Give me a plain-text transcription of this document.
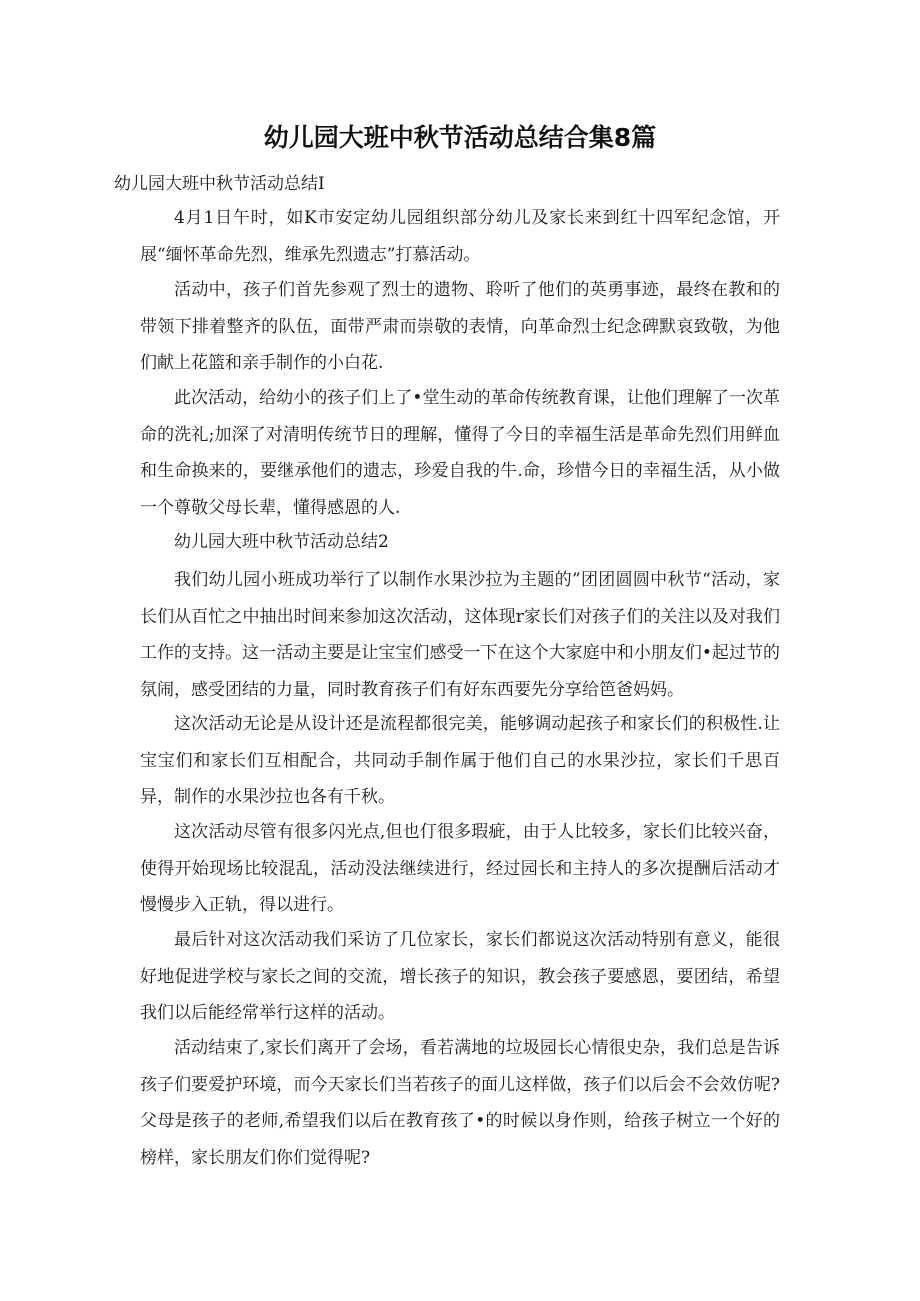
幼儿园大班中秋节活动总结合集8篇
幼儿园大班中秋节活动总结I

4月1日午时，如K市安定幼儿园组织部分幼儿及家长来到红十四军纪念馆，开展“缅怀革命先烈，维承先烈遗志”打慕活动。

活动中，孩子们首先参观了烈士的遗物、聆听了他们的英勇事迹，最终在教和的带领下排着整齐的队伍，面带严肃而崇敬的表情，向革命烈士纪念碑默哀致敬，为他们献上花篮和亲手制作的小白花.

此次活动，给幼小的孩子们上了•堂生动的革命传统教育课，让他们理解了一次革命的洗礼;加深了对清明传统节日的理解，懂得了今日的幸福生活是革命先烈们用鲜血和生命换来的，要继承他们的遗志，珍爱自我的牛.命，珍惜今日的幸福生活，从小做一个尊敬父母长辈，懂得感恩的人.

幼儿园大班中秋节活动总结2

我们幼儿园小班成功举行了以制作水果沙拉为主题的”团团圆圆中秋节“活动，家长们从百忙之中抽出时间来参加这次活动，这体现r家长们对孩子们的关注以及对我们工作的支持。这一活动主要是让宝宝们感受一下在这个大家庭中和小朋友们•起过节的氛闹，感受团结的力量，同时教育孩子们有好东西要先分享给笆爸妈妈。

这次活动无论是从设计还是流程都很完美，能够调动起孩子和家长们的积极性.让宝宝们和家长们互相配合，共同动手制作属于他们自己的水果沙拉，家长们千思百异，制作的水果沙拉也各有千秋。

这次活动尽管有很多闪光点,但也仃很多瑕疵，由于人比较多，家长们比较兴奋，使得开始现场比较混乱，活动没法继续进行，经过园长和主持人的多次提酬后活动才慢慢步入正轨，得以进行。

最后针对这次活动我们采访了几位家长，家长们都说这次活动特别有意义，能很好地促进学校与家长之间的交流，增长孩子的知识，教会孩子要感恩，要团结，希望我们以后能经常举行这样的活动。

活动结束了,家长们离开了会场，看若满地的垃圾园长心情很史杂，我们总是告诉孩子们要爱护环境，而今天家长们当若孩子的面儿这样做，孩子们以后会不会效仿呢?父母是孩子的老师,希望我们以后在教育孩了•的时候以身作则，给孩子树立一个好的榜样，家长朋友们你们觉得呢?
